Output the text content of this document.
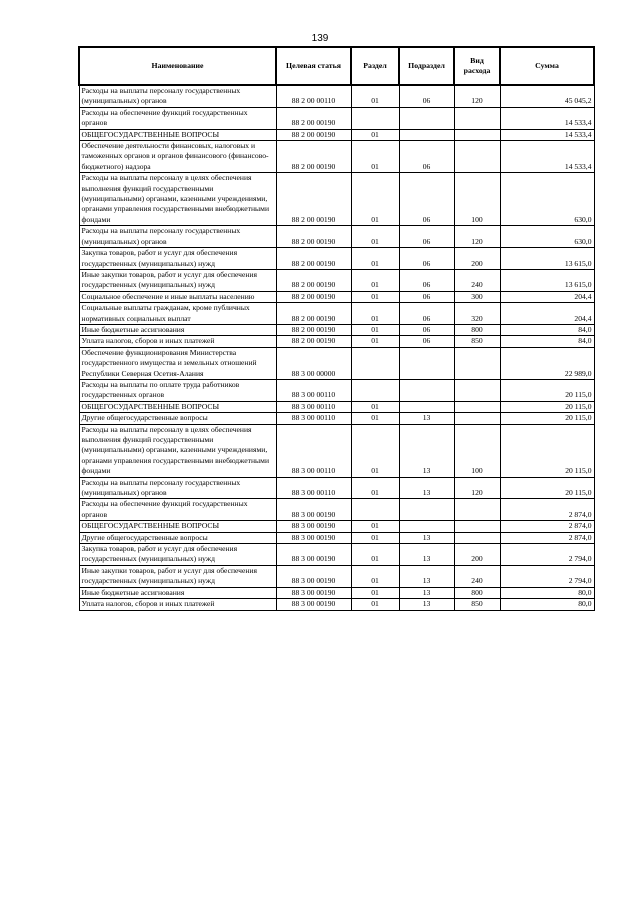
139
Наименование	Целевая статья	Раздел	Подраздел	Вид расхода	Сумма
Расходы на выплаты персоналу государственных (муниципальных) органов	88 2 00 00110	01	06	120	45 045,2
Расходы на обеспечение функций государственных органов	88 2 00 00190				14 533,4
ОБЩЕГОСУДАРСТВЕННЫЕ ВОПРОСЫ	88 2 00 00190	01			14 533,4
Обеспечение деятельности финансовых, налоговых и таможенных органов и органов финансового (финансово-бюджетного) надзора	88 2 00 00190	01	06		14 533,4
Расходы на выплаты персоналу в целях обеспечения выполнения функций государственными (муниципальными) органами, казенными учреждениями, органами управления государственными внебюджетными фондами	88 2 00 00190	01	06	100	630,0
Расходы на выплаты персоналу государственных (муниципальных) органов	88 2 00 00190	01	06	120	630,0
Закупка товаров, работ и услуг для обеспечения государственных (муниципальных) нужд	88 2 00 00190	01	06	200	13 615,0
Иные закупки товаров, работ и услуг для обеспечения государственных (муниципальных) нужд	88 2 00 00190	01	06	240	13 615,0
Социальное обеспечение и иные выплаты населению	88 2 00 00190	01	06	300	204,4
Социальные выплаты гражданам, кроме публичных нормативных социальных выплат	88 2 00 00190	01	06	320	204,4
Иные бюджетные ассигнования	88 2 00 00190	01	06	800	84,0
Уплата налогов, сборов и иных платежей	88 2 00 00190	01	06	850	84,0
Обеспечение функционирования Министерства государственного имущества и земельных отношений Республики Северная Осетия-Алания	88 3 00 00000				22 989,0
Расходы на выплаты по оплате труда работников государственных органов	88 3 00 00110				20 115,0
ОБЩЕГОСУДАРСТВЕННЫЕ ВОПРОСЫ	88 3 00 00110	01			20 115,0
Другие общегосударственные вопросы	88 3 00 00110	01	13		20 115,0
Расходы на выплаты персоналу в целях обеспечения выполнения функций государственными (муниципальными) органами, казенными учреждениями, органами управления государственными внебюджетными фондами	88 3 00 00110	01	13	100	20 115,0
Расходы на выплаты персоналу государственных (муниципальных) органов	88 3 00 00110	01	13	120	20 115,0
Расходы на обеспечение функций государственных органов	88 3 00 00190				2 874,0
ОБЩЕГОСУДАРСТВЕННЫЕ ВОПРОСЫ	88 3 00 00190	01			2 874,0
Другие общегосударственные вопросы	88 3 00 00190	01	13		2 874,0
Закупка товаров, работ и услуг для обеспечения государственных (муниципальных) нужд	88 3 00 00190	01	13	200	2 794,0
Иные закупки товаров, работ и услуг для обеспечения государственных (муниципальных) нужд	88 3 00 00190	01	13	240	2 794,0
Иные бюджетные ассигнования	88 3 00 00190	01	13	800	80,0
Уплата налогов, сборов и иных платежей	88 3 00 00190	01	13	850	80,0
